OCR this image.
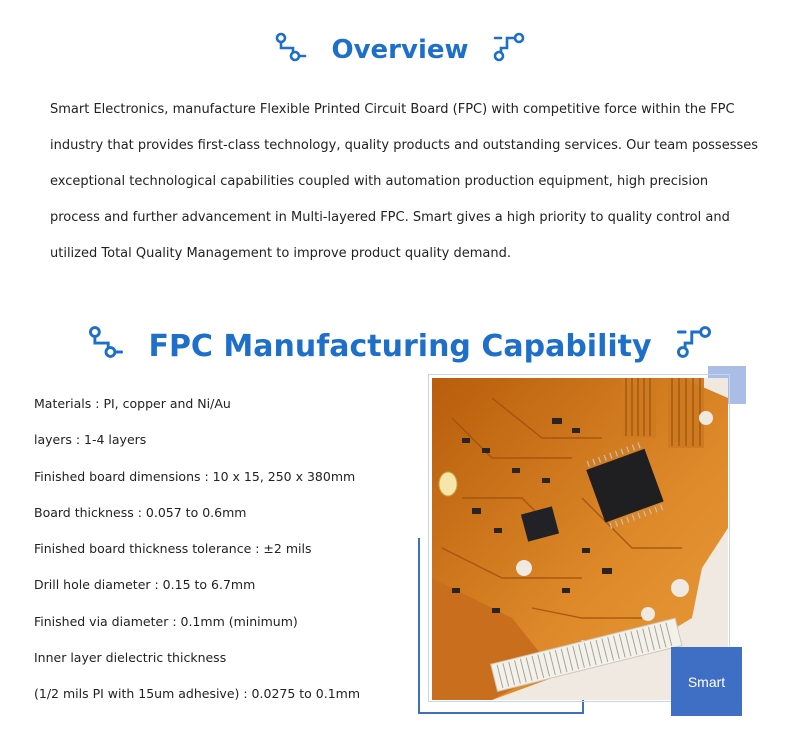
Overview

Smart Electronics, manufacture Flexible Printed Circuit Board (FPC) with competitive force within the FPC industry that provides first-class technology, quality products and outstanding services. Our team possesses exceptional technological capabilities coupled with automation production equipment, high precision process and further advancement in Multi-layered FPC. Smart gives a high priority to quality control and utilized Total Quality Management to improve product quality demand.

FPC Manufacturing Capability
Materials : PI, copper and Ni/Au
layers : 1-4 layers
Finished board dimensions : 10 x 15, 250 x 380mm
Board thickness : 0.057 to 0.6mm
Finished board thickness tolerance : ±2 mils
Drill hole diameter : 0.15 to 6.7mm
Finished via diameter : 0.1mm (minimum)
Inner layer dielectric thickness
(1/2 mils PI with 15um adhesive) : 0.0275 to 0.1mm
Smart
